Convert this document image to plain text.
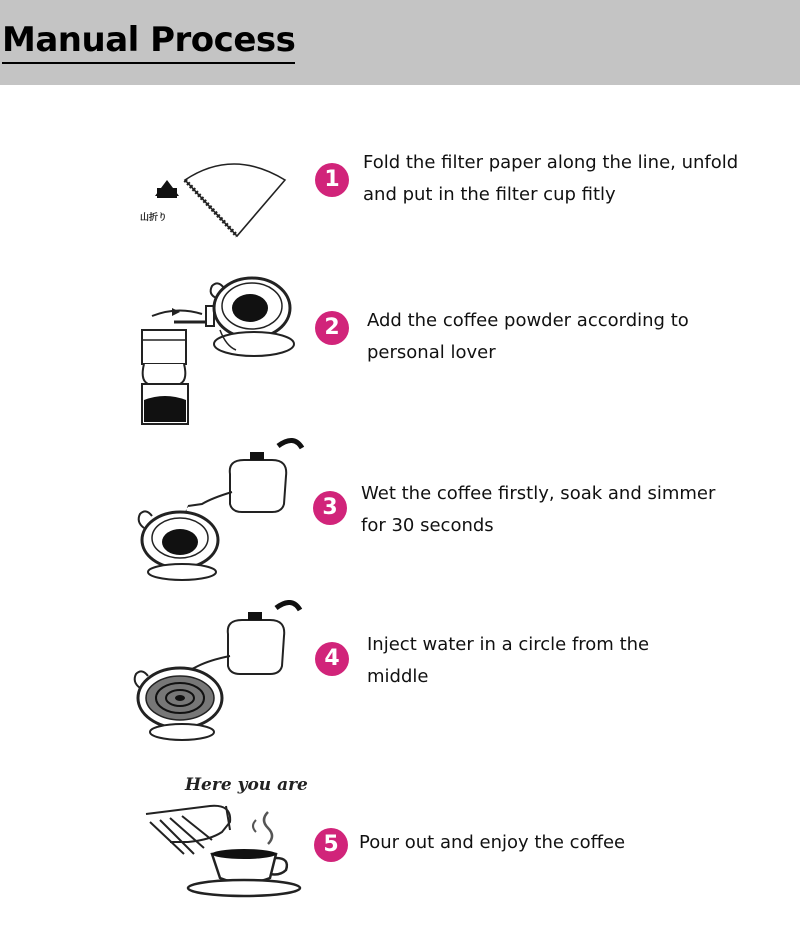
Manual Process
山折り
1

Fold the filter paper along the line, unfold
and put in the filter cup fitly

2	Add the coffee powder according to
personal lover

3

Wet the coffee firstly, soak and simmer
for 30 seconds

4

Inject water in a circle from the
middle

Here you are
5	Pour out and enjoy the coffee
